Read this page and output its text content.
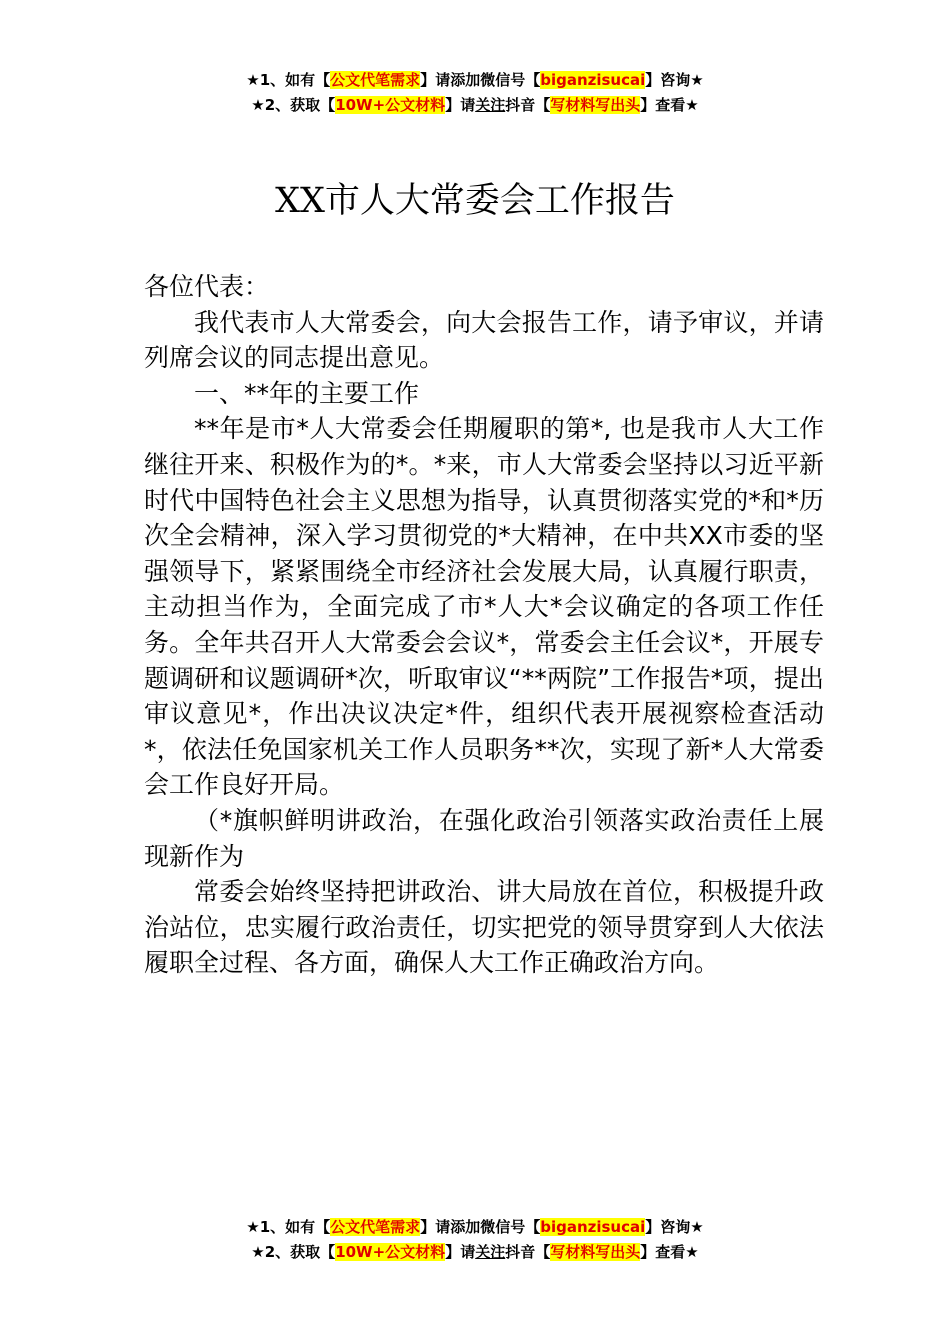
★1、如有【公文代笔需求】请添加微信号【biganzisucai】咨询★
★2、获取【10W+公文材料】请关注抖音【写材料写出头】查看★
XX市人大常委会工作报告

各位代表：

我代表市人大常委会，向大会报告工作，请予审议，并请列席会议的同志提出意见。

一、**年的主要工作

**年是市*人大常委会任期履职的第*, 也是我市人大工作继往开来、积极作为的*。*来，市人大常委会坚持以习近平新时代中国特色社会主义思想为指导，认真贯彻落实党的*和*历次全会精神，深入学习贯彻党的*大精神，在中共XX市委的坚强领导下，紧紧围绕全市经济社会发展大局，认真履行职责，主动担当作为，全面完成了市*人大*会议确定的各项工作任务。全年共召开人大常委会会议*，常委会主任会议*，开展专题调研和议题调研*次，听取审议“**两院”工作报告*项，提出审议意见*，作出决议决定*件，组织代表开展视察检查活动*，依法任免国家机关工作人员职务**次，实现了新*人大常委会工作良好开局。

（*旗帜鲜明讲政治，在强化政治引领落实政治责任上展现新作为

常委会始终坚持把讲政治、讲大局放在首位，积极提升政治站位，忠实履行政治责任，切实把党的领导贯穿到人大依法履职全过程、各方面，确保人大工作正确政治方向。

★1、如有【公文代笔需求】请添加微信号【biganzisucai】咨询★
★2、获取【10W+公文材料】请关注抖音【写材料写出头】查看★
